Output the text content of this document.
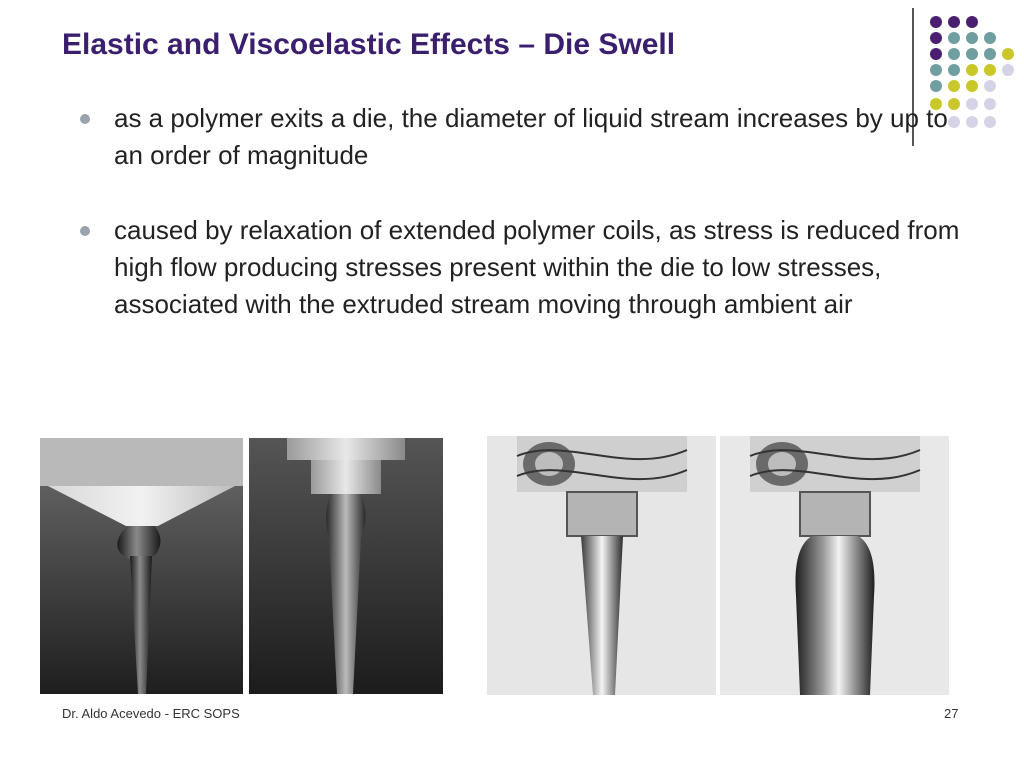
Elastic and Viscoelastic Effects – Die Swell
as a polymer exits a die, the diameter of liquid stream increases by up to an order of magnitude
caused by relaxation of extended polymer coils, as stress is reduced from high flow producing stresses present within the die to low stresses, associated with the extruded stream moving through ambient air
Dr. Aldo Acevedo - ERC SOPS	27
